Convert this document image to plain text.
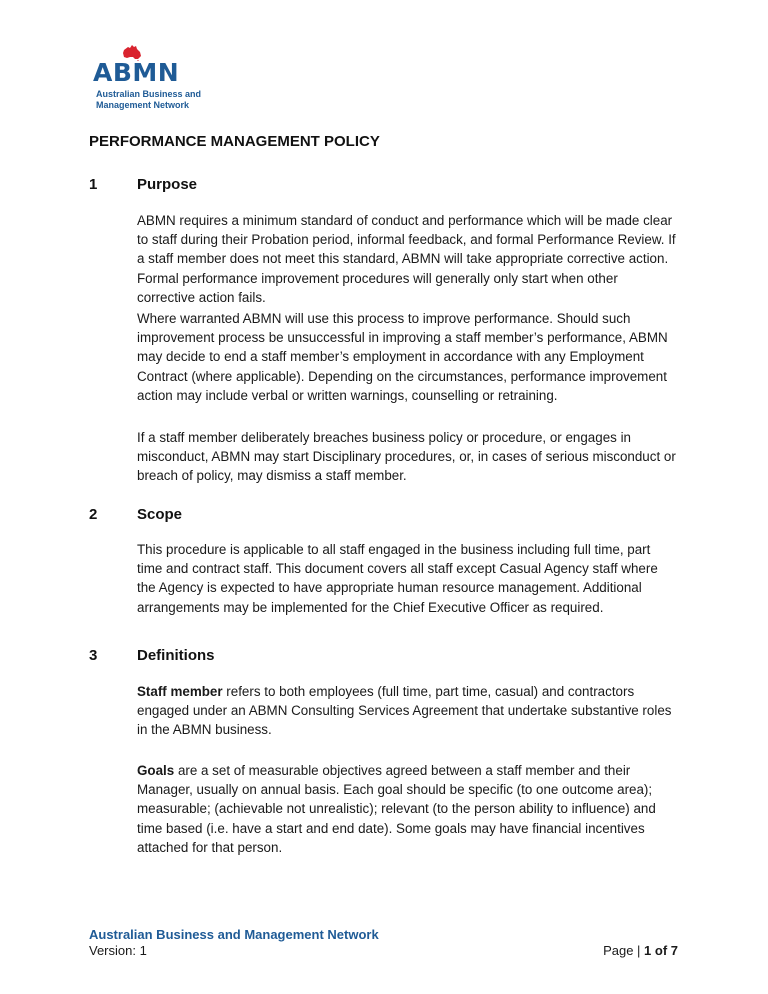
ABMN
Australian Business and
Management Network
PERFORMANCE MANAGEMENT POLICY
1	Purpose

ABMN requires a minimum standard of conduct and performance which will be made clear to staff during their Probation period, informal feedback, and formal Performance Review. If a staff member does not meet this standard, ABMN will take appropriate corrective action. Formal performance improvement procedures will generally only start when other corrective action fails.

Where warranted ABMN will use this process to improve performance. Should such improvement process be unsuccessful in improving a staff member’s performance, ABMN may decide to end a staff member’s employment in accordance with any Employment Contract (where applicable). Depending on the circumstances, performance improvement action may include verbal or written warnings, counselling or retraining.

If a staff member deliberately breaches business policy or procedure, or engages in misconduct, ABMN may start Disciplinary procedures, or, in cases of serious misconduct or breach of policy, may dismiss a staff member.

2	Scope

This procedure is applicable to all staff engaged in the business including full time, part time and contract staff. This document covers all staff except Casual Agency staff where the Agency is expected to have appropriate human resource management. Additional arrangements may be implemented for the Chief Executive Officer as required.

3	Definitions

Staff member refers to both employees (full time, part time, casual) and contractors engaged under an ABMN Consulting Services Agreement that undertake substantive roles in the ABMN business.

Goals are a set of measurable objectives agreed between a staff member and their Manager, usually on annual basis. Each goal should be specific (to one outcome area); measurable; (achievable not unrealistic); relevant (to the person ability to influence) and time based (i.e. have a start and end date). Some goals may have financial incentives attached for that person.

Australian Business and Management Network
Version: 1	Page | 1 of 7
